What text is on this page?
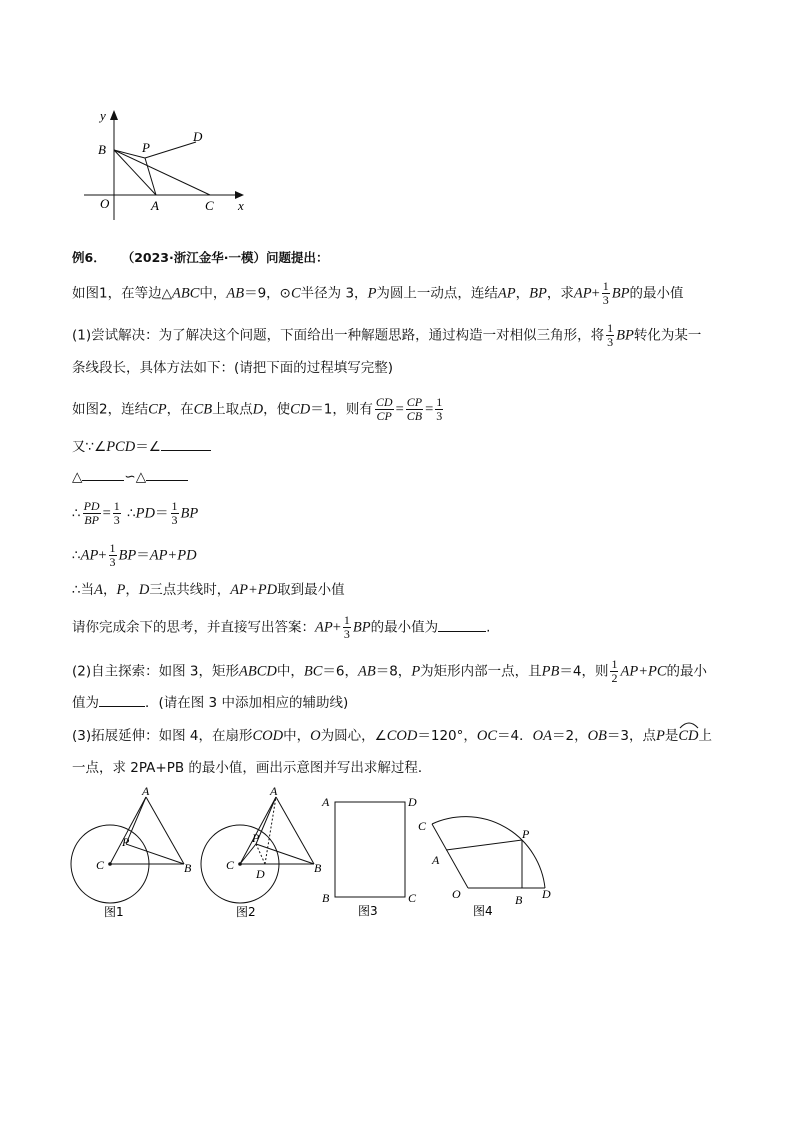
y
x
B	P
D
O	A	C
例6． （2023·浙江金华·一模）问题提出：
如图1，在等边△ABC中，AB＝9，⊙C半径为 3，P为圆上一动点，连结AP，BP，求$AP+ \frac{1}{3}$ BP的最小值
(1)尝试解决：为了解决这个问题，下面给出一种解题思路，通过构造一对相似三角形，将 $\frac{1}{3}$ BP转化为某一
条线段长，具体方法如下：(请把下面的过程填写完整)
如图2，连结CP，在CB上取点D，使CD＝1，则有 $\frac{CD}{CP} = \frac{CP}{CB} = \frac{1}{3}$
又∵∠PCD＝∠
△	∽△
∴ $\frac{PD}{BP} = \frac{1}{3}$ ∴PD＝ $\frac{1}{3}$ BP
∴AP+ $\frac{1}{3} BP=AP+PD$
∴当A，P，D三点共线时，AP+PD取到最小值
请你完成余下的思考，并直接写出答案：$AP+ \frac{1}{3}$ BP的最小值为	.
(2)自主探索：如图 3，矩形ABCD中，BC＝6，AB＝8，P为矩形内部一点，且PB＝4，则 $\frac{1}{2} AP+PC$的最小
值为	．(请在图 3 中添加相应的辅助线)
(3)拓展延伸：如图 4，在扇形COD中，O为圆心，∠COD＝120°，OC＝4．OA＝2，OB＝3，点P是
CD上
一点，求 2PA+PB 的最小值，画出示意图并写出求解过程．
A
P
C	B
图1
A
P
C
D	B
图2
A	D
B	C
图3
C
P
A
O	B D
图4
